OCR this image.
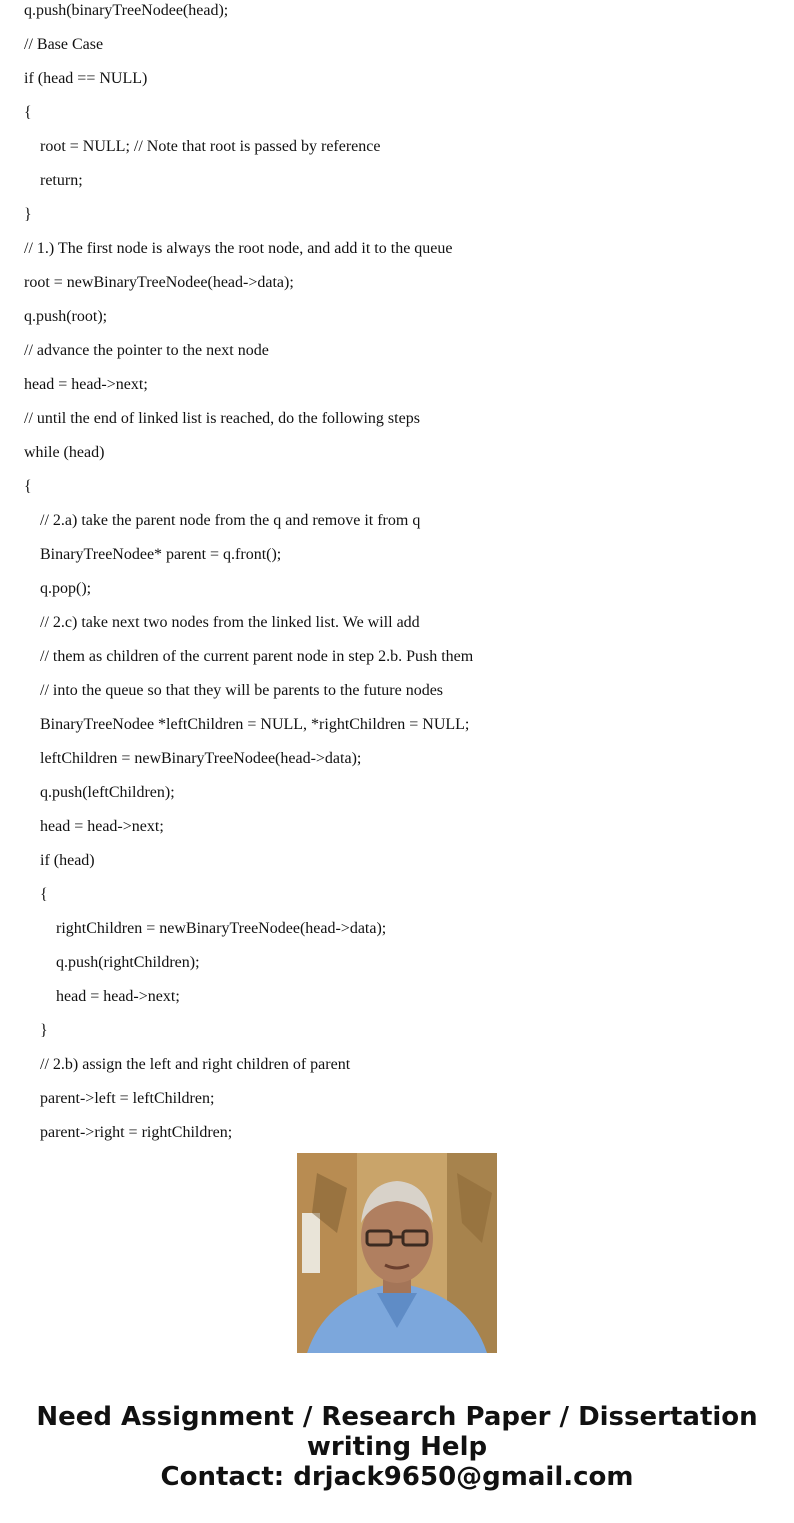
q.push(binaryTreeNodee(head);
// Base Case
if (head == NULL)
{
root = NULL; // Note that root is passed by reference
return;
}
// 1.) The first node is always the root node, and add it to the queue
root = newBinaryTreeNodee(head->data);
q.push(root);
// advance the pointer to the next node
head = head->next;
// until the end of linked list is reached, do the following steps
while (head)
{
// 2.a) take the parent node from the q and remove it from q
BinaryTreeNodee* parent = q.front();
q.pop();
// 2.c) take next two nodes from the linked list. We will add
// them as children of the current parent node in step 2.b. Push them
// into the queue so that they will be parents to the future nodes
BinaryTreeNodee *leftChildren = NULL, *rightChildren = NULL;
leftChildren = newBinaryTreeNodee(head->data);
q.push(leftChildren);
head = head->next;
if (head)
{
rightChildren = newBinaryTreeNodee(head->data);
q.push(rightChildren);
head = head->next;
}
// 2.b) assign the left and right children of parent
parent->left = leftChildren;
parent->right = rightChildren;
Need Assignment / Research Paper / Dissertation
writing Help
Contact: drjack9650@gmail.com
